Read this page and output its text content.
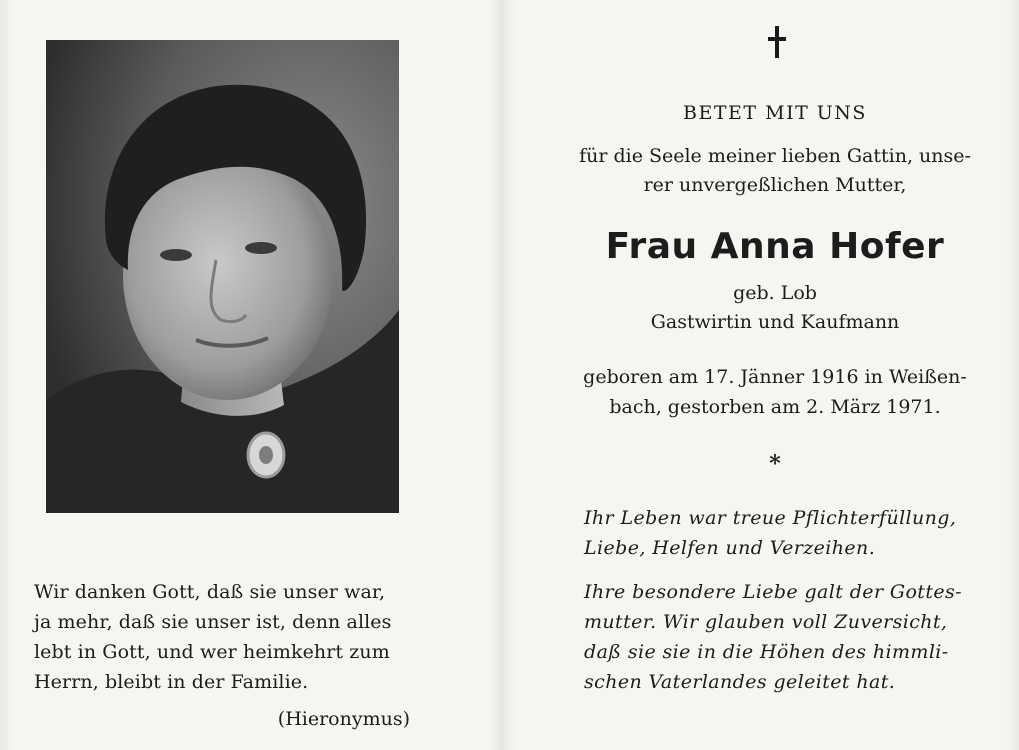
Wir danken Gott, daß sie unser war,
ja mehr, daß sie unser ist, denn alles
lebt in Gott, und wer heimkehrt zum
Herrn, bleibt in der Familie.
(Hieronymus)
BETET MIT UNS
für die Seele meiner lieben Gattin, unse-
rer unvergeßlichen Mutter,
Frau Anna Hofer
geb. Lob
Gastwirtin und Kaufmann
geboren am 17. Jänner 1916 in Weißen-
bach, gestorben am 2. März 1971.
*
Ihr Leben war treue Pflichterfüllung,
Liebe, Helfen und Verzeihen.
Ihre besondere Liebe galt der Gottes-
mutter. Wir glauben voll Zuversicht,
daß sie sie in die Höhen des himmli-
schen Vaterlandes geleitet hat.
